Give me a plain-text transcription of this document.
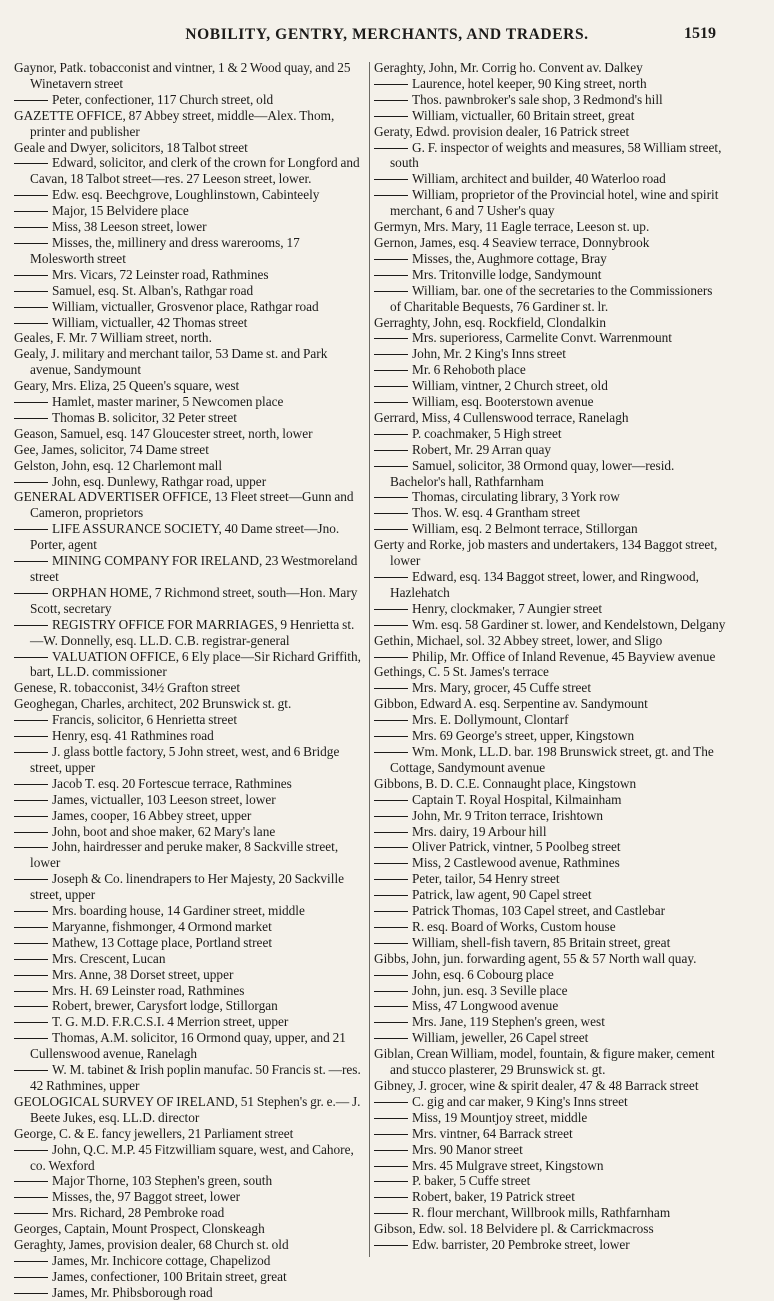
NOBILITY, GENTRY, MERCHANTS, AND TRADERS.	1519
Gaynor, Patk. tobacconist and vintner, 1 & 2 Wood quay, and 25 Winetavern street
Peter, confectioner, 117 Church street, old
GAZETTE OFFICE, 87 Abbey street, middle—Alex. Thom, printer and publisher
Geale and Dwyer, solicitors, 18 Talbot street
Edward, solicitor, and clerk of the crown for Longford and Cavan, 18 Talbot street—res. 27 Leeson street, lower.
Edw. esq. Beechgrove, Loughlinstown, Cabinteely
Major, 15 Belvidere place
Miss, 38 Leeson street, lower
Misses, the, millinery and dress warerooms, 17 Molesworth street
Mrs. Vicars, 72 Leinster road, Rathmines
Samuel, esq. St. Alban's, Rathgar road
William, victualler, Grosvenor place, Rathgar road
William, victualler, 42 Thomas street
Geales, F. Mr. 7 William street, north.
Gealy, J. military and merchant tailor, 53 Dame st. and Park avenue, Sandymount
Geary, Mrs. Eliza, 25 Queen's square, west
Hamlet, master mariner, 5 Newcomen place
Thomas B. solicitor, 32 Peter street
Geason, Samuel, esq. 147 Gloucester street, north, lower
Gee, James, solicitor, 74 Dame street
Gelston, John, esq. 12 Charlemont mall
John, esq. Dunlewy, Rathgar road, upper
GENERAL ADVERTISER OFFICE, 13 Fleet street—Gunn and Cameron, proprietors
LIFE ASSURANCE SOCIETY, 40 Dame street—Jno. Porter, agent
MINING COMPANY FOR IRELAND, 23 Westmoreland street
ORPHAN HOME, 7 Richmond street, south—Hon. Mary Scott, secretary
REGISTRY OFFICE FOR MARRIAGES, 9 Henrietta st.—W. Donnelly, esq. LL.D. C.B. registrar-general
VALUATION OFFICE, 6 Ely place—Sir Richard Griffith, bart, LL.D. commissioner
Genese, R. tobacconist, 34½ Grafton street
Geoghegan, Charles, architect, 202 Brunswick st. gt.
Francis, solicitor, 6 Henrietta street
Henry, esq. 41 Rathmines road
J. glass bottle factory, 5 John street, west, and 6 Bridge street, upper
Jacob T. esq. 20 Fortescue terrace, Rathmines
James, victualler, 103 Leeson street, lower
James, cooper, 16 Abbey street, upper
John, boot and shoe maker, 62 Mary's lane
John, hairdresser and peruke maker, 8 Sackville street, lower
Joseph & Co. linendrapers to Her Majesty, 20 Sackville street, upper
Mrs. boarding house, 14 Gardiner street, middle
Maryanne, fishmonger, 4 Ormond market
Mathew, 13 Cottage place, Portland street
Mrs. Crescent, Lucan
Mrs. Anne, 38 Dorset street, upper
Mrs. H. 69 Leinster road, Rathmines
Robert, brewer, Carysfort lodge, Stillorgan
T. G. M.D. F.R.C.S.I. 4 Merrion street, upper
Thomas, A.M. solicitor, 16 Ormond quay, upper, and 21 Cullenswood avenue, Ranelagh
W. M. tabinet & Irish poplin manufac. 50 Francis st. —res. 42 Rathmines, upper
GEOLOGICAL SURVEY OF IRELAND, 51 Stephen's gr. e.— J. Beete Jukes, esq. LL.D. director
George, C. & E. fancy jewellers, 21 Parliament street
John, Q.C. M.P. 45 Fitzwilliam square, west, and Cahore, co. Wexford
Major Thorne, 103 Stephen's green, south
Misses, the, 97 Baggot street, lower
Mrs. Richard, 28 Pembroke road
Georges, Captain, Mount Prospect, Clonskeagh
Geraghty, James, provision dealer, 68 Church st. old
James, Mr. Inchicore cottage, Chapelizod
James, confectioner, 100 Britain street, great
James, Mr. Phibsborough road
Geraghty, John, Mr. Corrig ho. Convent av. Dalkey
Laurence, hotel keeper, 90 King street, north
Thos. pawnbroker's sale shop, 3 Redmond's hill
William, victualler, 60 Britain street, great
Geraty, Edwd. provision dealer, 16 Patrick street
G. F. inspector of weights and measures, 58 William street, south
William, architect and builder, 40 Waterloo road
William, proprietor of the Provincial hotel, wine and spirit merchant, 6 and 7 Usher's quay
Germyn, Mrs. Mary, 11 Eagle terrace, Leeson st. up.
Gernon, James, esq. 4 Seaview terrace, Donnybrook
Misses, the, Aughmore cottage, Bray
Mrs. Tritonville lodge, Sandymount
William, bar. one of the secretaries to the Commissioners of Charitable Bequests, 76 Gardiner st. lr.
Gerraghty, John, esq. Rockfield, Clondalkin
Mrs. superioress, Carmelite Convt. Warrenmount
John, Mr. 2 King's Inns street
Mr. 6 Rehoboth place
William, vintner, 2 Church street, old
William, esq. Booterstown avenue
Gerrard, Miss, 4 Cullenswood terrace, Ranelagh
P. coachmaker, 5 High street
Robert, Mr. 29 Arran quay
Samuel, solicitor, 38 Ormond quay, lower—resid. Bachelor's hall, Rathfarnham
Thomas, circulating library, 3 York row
Thos. W. esq. 4 Grantham street
William, esq. 2 Belmont terrace, Stillorgan
Gerty and Rorke, job masters and undertakers, 134 Baggot street, lower
Edward, esq. 134 Baggot street, lower, and Ringwood, Hazlehatch
Henry, clockmaker, 7 Aungier street
Wm. esq. 58 Gardiner st. lower, and Kendelstown, Delgany
Gethin, Michael, sol. 32 Abbey street, lower, and Sligo
Philip, Mr. Office of Inland Revenue, 45 Bayview avenue
Gethings, C. 5 St. James's terrace
Mrs. Mary, grocer, 45 Cuffe street
Gibbon, Edward A. esq. Serpentine av. Sandymount
Mrs. E. Dollymount, Clontarf
Mrs. 69 George's street, upper, Kingstown
Wm. Monk, LL.D. bar. 198 Brunswick street, gt. and The Cottage, Sandymount avenue
Gibbons, B. D. C.E. Connaught place, Kingstown
Captain T. Royal Hospital, Kilmainham
John, Mr. 9 Triton terrace, Irishtown
Mrs. dairy, 19 Arbour hill
Oliver Patrick, vintner, 5 Poolbeg street
Miss, 2 Castlewood avenue, Rathmines
Peter, tailor, 54 Henry street
Patrick, law agent, 90 Capel street
Patrick Thomas, 103 Capel street, and Castlebar
R. esq. Board of Works, Custom house
William, shell-fish tavern, 85 Britain street, great
Gibbs, John, jun. forwarding agent, 55 & 57 North wall quay.
John, esq. 6 Cobourg place
John, jun. esq. 3 Seville place
Miss, 47 Longwood avenue
Mrs. Jane, 119 Stephen's green, west
William, jeweller, 26 Capel street
Giblan, Crean William, model, fountain, & figure maker, cement and stucco plasterer, 29 Brunswick st. gt.
Gibney, J. grocer, wine & spirit dealer, 47 & 48 Barrack street
C. gig and car maker, 9 King's Inns street
Miss, 19 Mountjoy street, middle
Mrs. vintner, 64 Barrack street
Mrs. 90 Manor street
Mrs. 45 Mulgrave street, Kingstown
P. baker, 5 Cuffe street
Robert, baker, 19 Patrick street
R. flour merchant, Willbrook mills, Rathfarnham
Gibson, Edw. sol. 18 Belvidere pl. & Carrickmacross
Edw. barrister, 20 Pembroke street, lower
